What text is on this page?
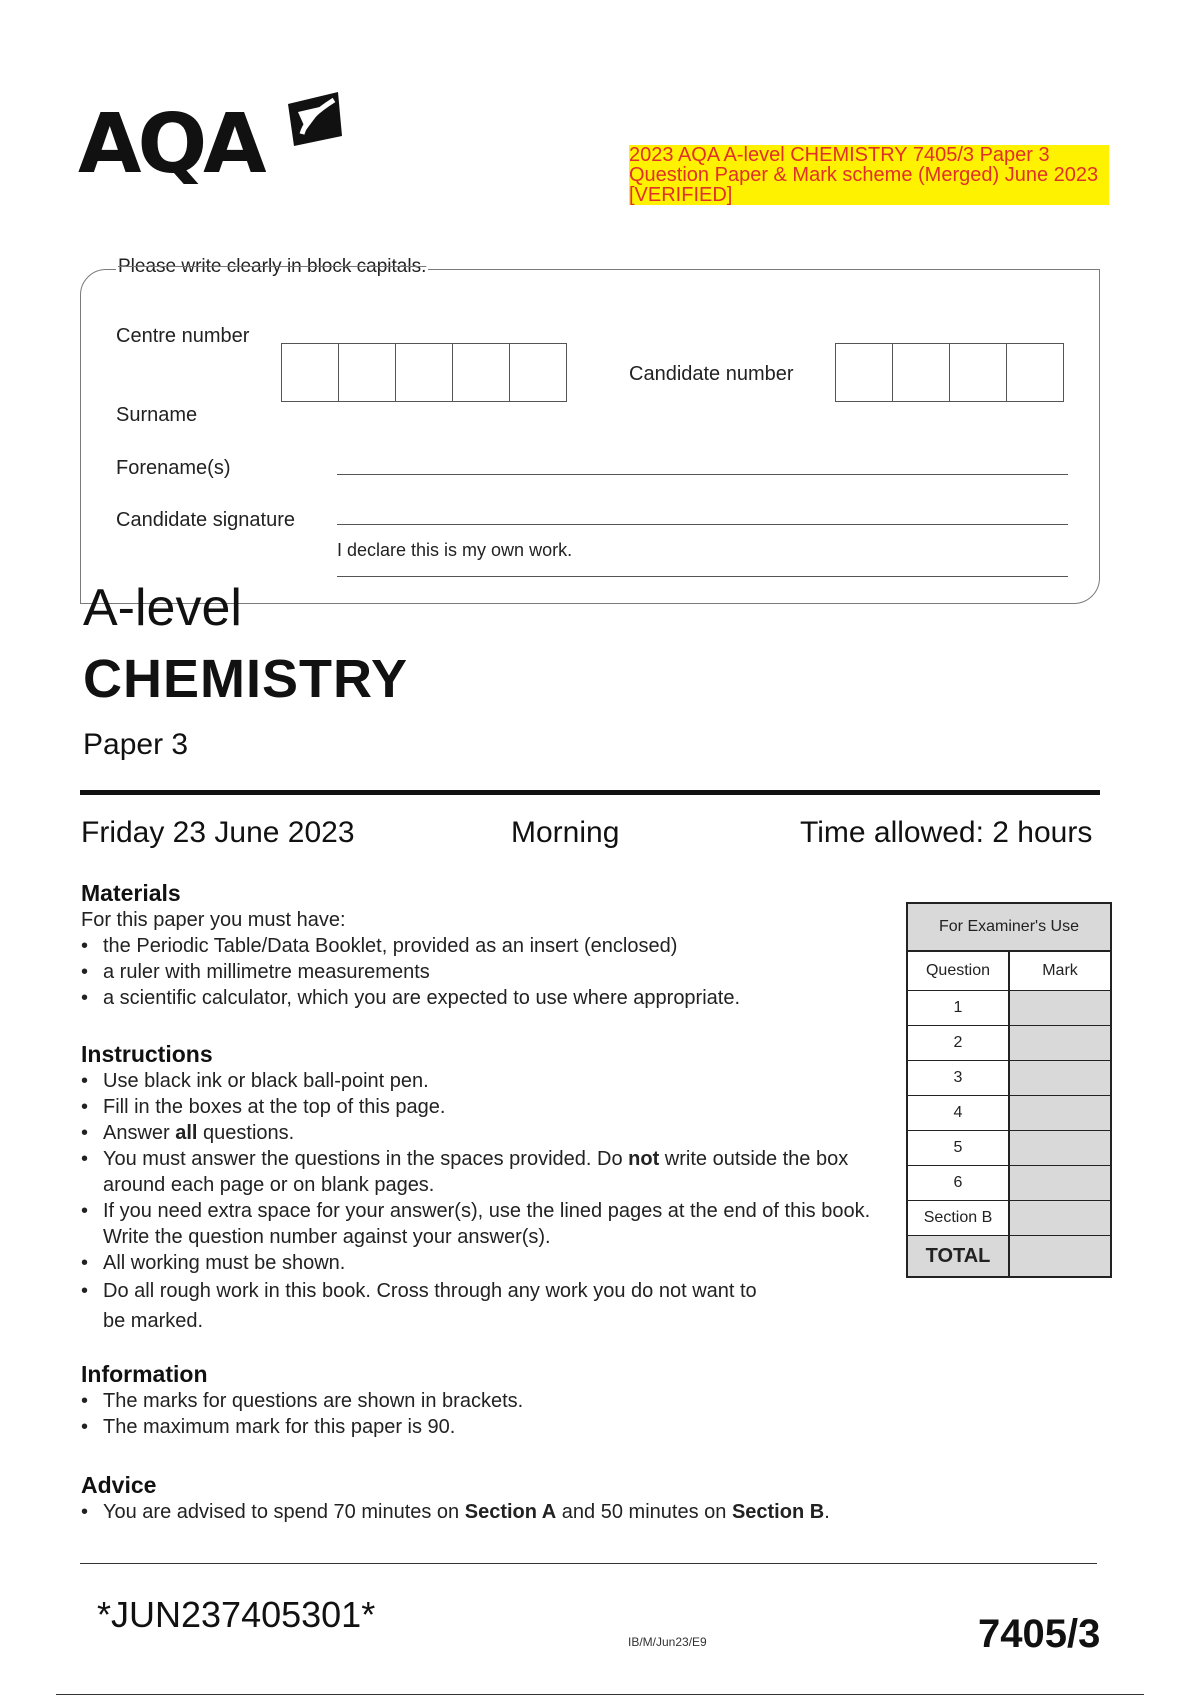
AQA	2023 AQA A-level CHEMISTRY 7405/3 Paper 3 Question Paper & Mark scheme (Merged) June 2023 [VERIFIED]
Please write clearly in block capitals.
Centre number
Candidate number
Surname
Forename(s)
Candidate signature
I declare this is my own work.
A-level
CHEMISTRY
Paper 3
Friday 23 June 2023	Morning	Time allowed: 2 hours
Materials
For this paper you must have:
• the Periodic Table/Data Booklet, provided as an insert (enclosed)
• a ruler with millimetre measurements
• a scientific calculator, which you are expected to use where appropriate.
Instructions
• Use black ink or black ball-point pen.
• Fill in the boxes at the top of this page.
• Answer all questions.
• You must answer the questions in the spaces provided. Do not write outside the box around each page or on blank pages.
• If you need extra space for your answer(s), use the lined pages at the end of this book. Write the question number against your answer(s).
• All working must be shown.
• Do all rough work in this book. Cross through any work you do not want to be marked.
Information
• The marks for questions are shown in brackets.
• The maximum mark for this paper is 90.
Advice
• You are advised to spend 70 minutes on Section A and 50 minutes on Section B.
For Examiner's Use
Question	Mark
1
2
3
4
5
6
Section B
TOTAL
*JUN237405301*
IB/M/Jun23/E9	7405/3
